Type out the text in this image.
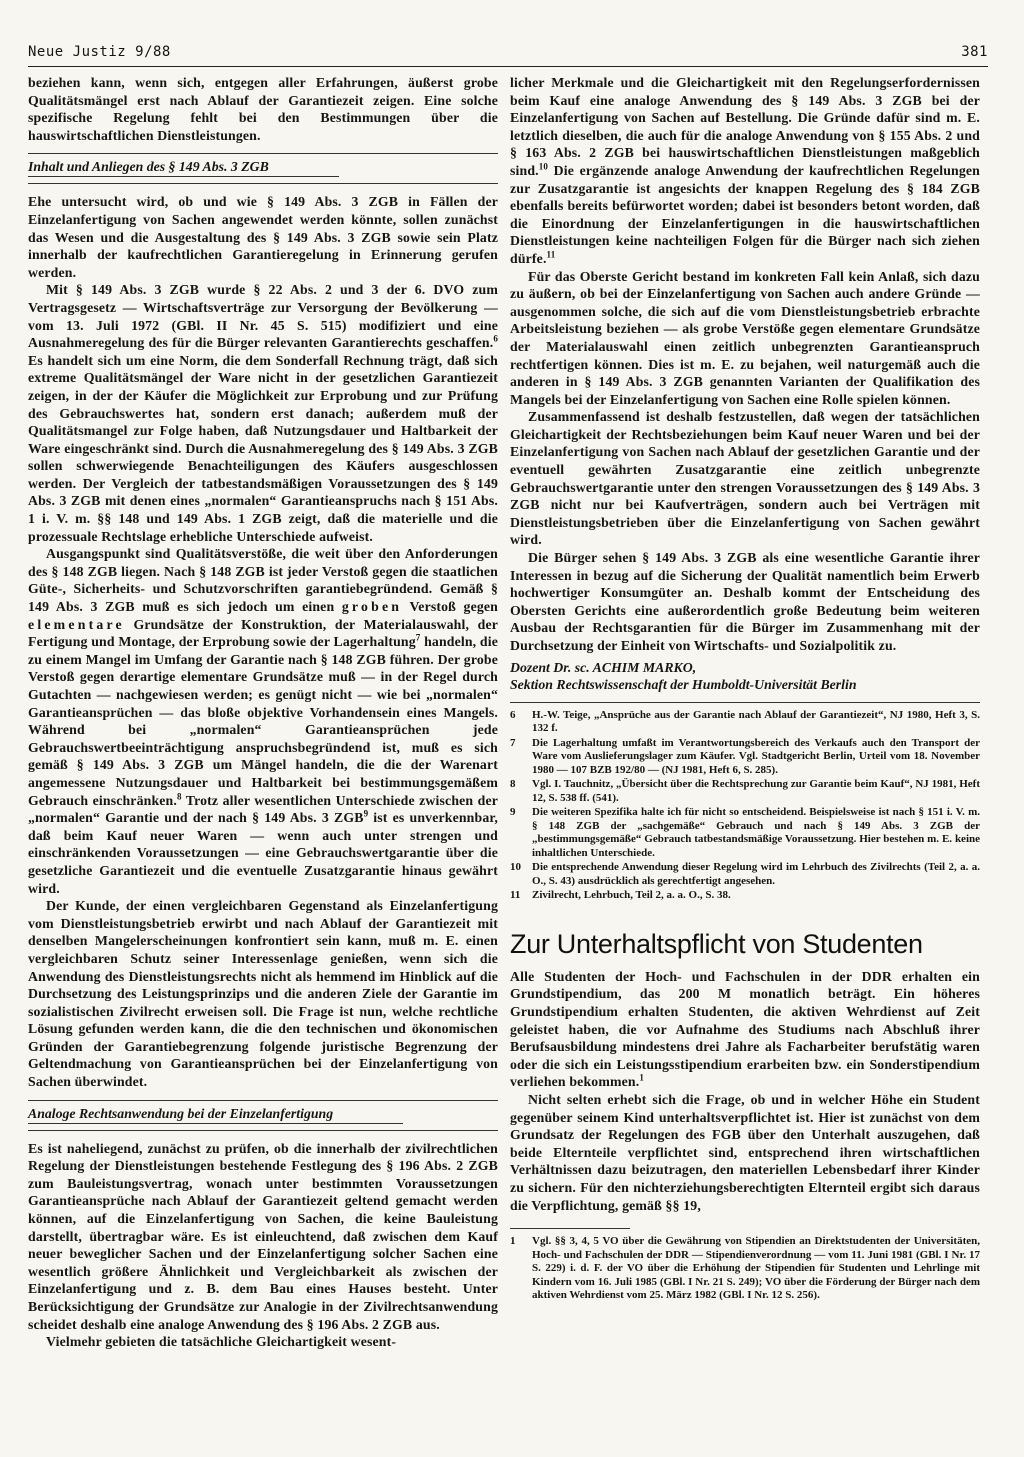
Neue Justiz 9/88	381

beziehen kann, wenn sich, entgegen aller Erfahrungen, äußerst grobe Qualitätsmängel erst nach Ablauf der Garantiezeit zeigen. Eine solche spezifische Regelung fehlt bei den Bestimmungen über die hauswirtschaftlichen Dienstleistungen.

Inhalt und Anliegen des § 149 Abs. 3 ZGB

Ehe untersucht wird, ob und wie § 149 Abs. 3 ZGB in Fällen der Einzelanfertigung von Sachen angewendet werden könnte, sollen zunächst das Wesen und die Ausgestaltung des § 149 Abs. 3 ZGB sowie sein Platz innerhalb der kaufrechtlichen Garantieregelung in Erinnerung gerufen werden.

Mit § 149 Abs. 3 ZGB wurde § 22 Abs. 2 und 3 der 6. DVO zum Vertragsgesetz — Wirtschaftsverträge zur Versorgung der Bevölkerung — vom 13. Juli 1972 (GBl. II Nr. 45 S. 515) modifiziert und eine Ausnahmeregelung des für die Bürger relevanten Garantierechts geschaffen.$^6$ Es handelt sich um eine Norm, die dem Sonderfall Rechnung trägt, daß sich extreme Qualitätsmängel der Ware nicht in der gesetzlichen Garantiezeit zeigen, in der der Käufer die Möglichkeit zur Erprobung und zur Prüfung des Gebrauchswertes hat, sondern erst danach; außerdem muß der Qualitätsmangel zur Folge haben, daß Nutzungsdauer und Haltbarkeit der Ware eingeschränkt sind. Durch die Ausnahmeregelung des § 149 Abs. 3 ZGB sollen schwerwiegende Benachteiligungen des Käufers ausgeschlossen werden. Der Vergleich der tatbestandsmäßigen Voraussetzungen des § 149 Abs. 3 ZGB mit denen eines „normalen“ Garantieanspruchs nach § 151 Abs. 1 i. V. m. §§ 148 und 149 Abs. 1 ZGB zeigt, daß die materielle und die prozessuale Rechtslage erhebliche Unterschiede aufweist.

Ausgangspunkt sind Qualitätsverstöße, die weit über den Anforderungen des § 148 ZGB liegen. Nach § 148 ZGB ist jeder Verstoß gegen die staatlichen Güte-, Sicherheits- und Schutzvorschriften garantiebegründend. Gemäß § 149 Abs. 3 ZGB muß es sich jedoch um einen groben Verstoß gegen elementare Grundsätze der Konstruktion, der Materialauswahl, der Fertigung und Montage, der Erprobung sowie der Lagerhaltung$^7$ handeln, die zu einem Mangel im Umfang der Garantie nach § 148 ZGB führen. Der grobe Verstoß gegen derartige elementare Grundsätze muß — in der Regel durch Gutachten — nachgewiesen werden; es genügt nicht — wie bei „normalen“ Garantieansprüchen — das bloße objektive Vorhandensein eines Mangels. Während bei „normalen“ Garantieansprüchen jede Gebrauchswertbeeinträchtigung anspruchsbegründend ist, muß es sich gemäß § 149 Abs. 3 ZGB um Mängel handeln, die die der Warenart angemessene Nutzungsdauer und Haltbarkeit bei bestimmungsgemäßem Gebrauch einschränken.$^8$ Trotz aller wesentlichen Unterschiede zwischen der „normalen“ Garantie und der nach § 149 Abs. 3 ZGB$^9$ ist es unverkennbar, daß beim Kauf neuer Waren — wenn auch unter strengen und einschränkenden Voraussetzungen — eine Gebrauchswertgarantie über die gesetzliche Garantiezeit und die eventuelle Zusatzgarantie hinaus gewährt wird.

Der Kunde, der einen vergleichbaren Gegenstand als Einzelanfertigung vom Dienstleistungsbetrieb erwirbt und nach Ablauf der Garantiezeit mit denselben Mangelerscheinungen konfrontiert sein kann, muß m. E. einen vergleichbaren Schutz seiner Interessenlage genießen, wenn sich die Anwendung des Dienstleistungsrechts nicht als hemmend im Hinblick auf die Durchsetzung des Leistungsprinzips und die anderen Ziele der Garantie im sozialistischen Zivilrecht erweisen soll. Die Frage ist nun, welche rechtliche Lösung gefunden werden kann, die die den technischen und ökonomischen Gründen der Garantiebegrenzung folgende juristische Begrenzung der Geltendmachung von Garantieansprüchen bei der Einzelanfertigung von Sachen überwindet.

Analoge Rechtsanwendung bei der Einzelanfertigung

Es ist naheliegend, zunächst zu prüfen, ob die innerhalb der zivilrechtlichen Regelung der Dienstleistungen bestehende Festlegung des § 196 Abs. 2 ZGB zum Bauleistungsvertrag, wonach unter bestimmten Voraussetzungen Garantieansprüche nach Ablauf der Garantiezeit geltend gemacht werden können, auf die Einzelanfertigung von Sachen, die keine Bauleistung darstellt, übertragbar wäre. Es ist einleuchtend, daß zwischen dem Kauf neuer beweglicher Sachen und der Einzelanfertigung solcher Sachen eine wesentlich größere Ähnlichkeit und Vergleichbarkeit als zwischen der Einzelanfertigung und z. B. dem Bau eines Hauses besteht. Unter Berücksichtigung der Grundsätze zur Analogie in der Zivilrechtsanwendung scheidet deshalb eine analoge Anwendung des § 196 Abs. 2 ZGB aus.

Vielmehr gebieten die tatsächliche Gleichartigkeit wesent-

licher Merkmale und die Gleichartigkeit mit den Regelungserfordernissen beim Kauf eine analoge Anwendung des § 149 Abs. 3 ZGB bei der Einzelanfertigung von Sachen auf Bestellung. Die Gründe dafür sind m. E. letztlich dieselben, die auch für die analoge Anwendung von § 155 Abs. 2 und § 163 Abs. 2 ZGB bei hauswirtschaftlichen Dienstleistungen maßgeblich sind.$^{10}$ Die ergänzende analoge Anwendung der kaufrechtlichen Regelungen zur Zusatzgarantie ist angesichts der knappen Regelung des § 184 ZGB ebenfalls bereits befürwortet worden; dabei ist besonders betont worden, daß die Einordnung der Einzelanfertigungen in die hauswirtschaftlichen Dienstleistungen keine nachteiligen Folgen für die Bürger nach sich ziehen dürfe.$^{11}$

Für das Oberste Gericht bestand im konkreten Fall kein Anlaß, sich dazu zu äußern, ob bei der Einzelanfertigung von Sachen auch andere Gründe — ausgenommen solche, die sich auf die vom Dienstleistungsbetrieb erbrachte Arbeitsleistung beziehen — als grobe Verstöße gegen elementare Grundsätze der Materialauswahl einen zeitlich unbegrenzten Garantieanspruch rechtfertigen können. Dies ist m. E. zu bejahen, weil naturgemäß auch die anderen in § 149 Abs. 3 ZGB genannten Varianten der Qualifikation des Mangels bei der Einzelanfertigung von Sachen eine Rolle spielen können.

Zusammenfassend ist deshalb festzustellen, daß wegen der tatsächlichen Gleichartigkeit der Rechtsbeziehungen beim Kauf neuer Waren und bei der Einzelanfertigung von Sachen nach Ablauf der gesetzlichen Garantie und der eventuell gewährten Zusatzgarantie eine zeitlich unbegrenzte Gebrauchswertgarantie unter den strengen Voraussetzungen des § 149 Abs. 3 ZGB nicht nur bei Kaufverträgen, sondern auch bei Verträgen mit Dienstleistungsbetrieben über die Einzelanfertigung von Sachen gewährt wird.

Die Bürger sehen § 149 Abs. 3 ZGB als eine wesentliche Garantie ihrer Interessen in bezug auf die Sicherung der Qualität namentlich beim Erwerb hochwertiger Konsumgüter an. Deshalb kommt der Entscheidung des Obersten Gerichts eine außerordentlich große Bedeutung beim weiteren Ausbau der Rechtsgarantien für die Bürger im Zusammenhang mit der Durchsetzung der Einheit von Wirtschafts- und Sozialpolitik zu.

Dozent Dr. sc. ACHIM MARKO,
Sektion Rechtswissenschaft der Humboldt-Universität Berlin
6	H.-W. Teige, „Ansprüche aus der Garantie nach Ablauf der Garantiezeit“, NJ 1980, Heft 3, S. 132 f.
7	Die Lagerhaltung umfaßt im Verantwortungsbereich des Verkaufs auch den Transport der Ware vom Auslieferungslager zum Käufer. Vgl. Stadtgericht Berlin, Urteil vom 18. November 1980 — 107 BZB 192/80 — (NJ 1981, Heft 6, S. 285).
8	Vgl. I. Tauchnitz, „Übersicht über die Rechtsprechung zur Garantie beim Kauf“, NJ 1981, Heft 12, S. 538 ff. (541).
9	Die weiteren Spezifika halte ich für nicht so entscheidend. Beispielsweise ist nach § 151 i. V. m. § 148 ZGB der „sachgemäße“ Gebrauch und nach § 149 Abs. 3 ZGB der „bestimmungsgemäße“ Gebrauch tatbestandsmäßige Voraussetzung. Hier bestehen m. E. keine inhaltlichen Unterschiede.
10	Die entsprechende Anwendung dieser Regelung wird im Lehrbuch des Zivilrechts (Teil 2, a. a. O., S. 43) ausdrücklich als gerechtfertigt angesehen.
11	Zivilrecht, Lehrbuch, Teil 2, a. a. O., S. 38.
Zur Unterhaltspflicht von Studenten

Alle Studenten der Hoch- und Fachschulen in der DDR erhalten ein Grundstipendium, das 200 M monatlich beträgt. Ein höheres Grundstipendium erhalten Studenten, die aktiven Wehrdienst auf Zeit geleistet haben, die vor Aufnahme des Studiums nach Abschluß ihrer Berufsausbildung mindestens drei Jahre als Facharbeiter berufstätig waren oder die sich ein Leistungsstipendium erarbeiten bzw. ein Sonderstipendium verliehen bekommen.$^1$

Nicht selten erhebt sich die Frage, ob und in welcher Höhe ein Student gegenüber seinem Kind unterhaltsverpflichtet ist. Hier ist zunächst von dem Grundsatz der Regelungen des FGB über den Unterhalt auszugehen, daß beide Elternteile verpflichtet sind, entsprechend ihren wirtschaftlichen Verhältnissen dazu beizutragen, den materiellen Lebensbedarf ihrer Kinder zu sichern. Für den nichterziehungsberechtigten Elternteil ergibt sich daraus die Verpflichtung, gemäß §§ 19,

1	Vgl. §§ 3, 4, 5 VO über die Gewährung von Stipendien an Direktstudenten der Universitäten, Hoch- und Fachschulen der DDR — Stipendienverordnung — vom 11. Juni 1981 (GBl. I Nr. 17 S. 229) i. d. F. der VO über die Erhöhung der Stipendien für Studenten und Lehrlinge mit Kindern vom 16. Juli 1985 (GBl. I Nr. 21 S. 249); VO über die Förderung der Bürger nach dem aktiven Wehrdienst vom 25. März 1982 (GBl. I Nr. 12 S. 256).
